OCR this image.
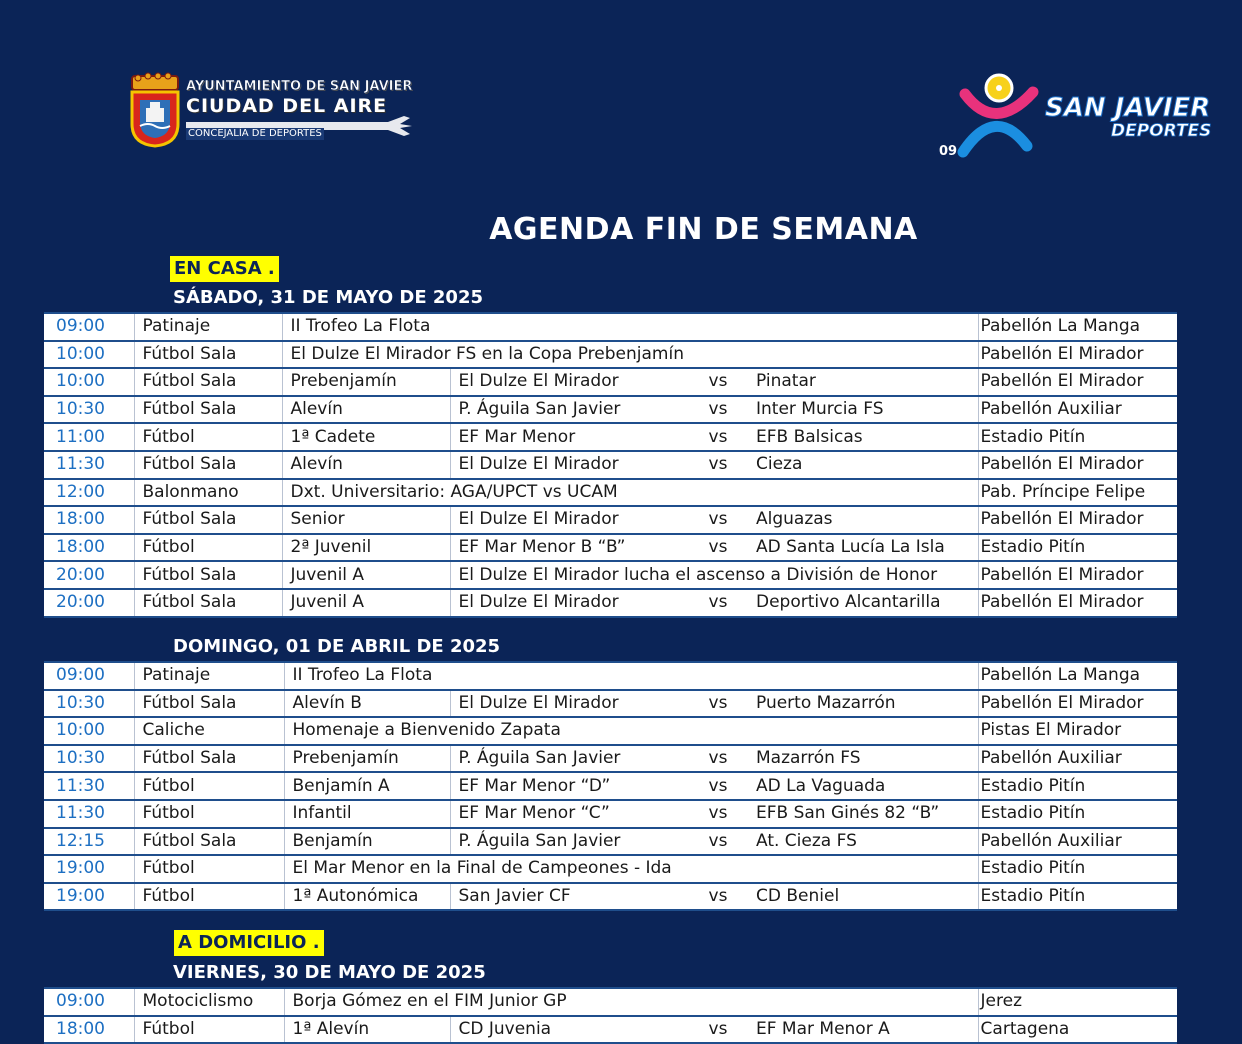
AYUNTAMIENTO DE SAN JAVIER
CIUDAD DEL AIRE
CONCEJALÍA DE DEPORTES
09
SAN JAVIER
DEPORTES
AGENDA FIN DE SEMANA
EN CASA .
SÁBADO, 31 DE MAYO DE 2025
09:00	Patinaje	II Trofeo La Flota				Pabellón La Manga
10:00	Fútbol Sala	El Dulze El Mirador FS en la Copa Prebenjamín				Pabellón El Mirador
10:00	Fútbol Sala	Prebenjamín	El Dulze El Mirador	vs	Pinatar	Pabellón El Mirador
10:30	Fútbol Sala	Alevín	P. Águila San Javier	vs	Inter Murcia FS	Pabellón Auxiliar
11:00	Fútbol	1ª Cadete	EF Mar Menor	vs	EFB Balsicas	Estadio Pitín
11:30	Fútbol Sala	Alevín	El Dulze El Mirador	vs	Cieza	Pabellón El Mirador
12:00	Balonmano	Dxt. Universitario: AGA/UPCT vs UCAM				Pab. Príncipe Felipe
18:00	Fútbol Sala	Senior	El Dulze El Mirador	vs	Alguazas	Pabellón El Mirador
18:00	Fútbol	2ª Juvenil	EF Mar Menor B “B”	vs	AD Santa Lucía La Isla	Estadio Pitín
20:00	Fútbol Sala	Juvenil A	El Dulze El Mirador lucha el ascenso a División de Honor			Pabellón El Mirador
20:00	Fútbol Sala	Juvenil A	El Dulze El Mirador	vs	Deportivo Alcantarilla	Pabellón El Mirador
DOMINGO, 01 DE ABRIL DE 2025
09:00	Patinaje	II Trofeo La Flota				Pabellón La Manga
10:30	Fútbol Sala	Alevín B	El Dulze El Mirador	vs	Puerto Mazarrón	Pabellón El Mirador
10:00	Caliche	Homenaje a Bienvenido Zapata				Pistas El Mirador
10:30	Fútbol Sala	Prebenjamín	P. Águila San Javier	vs	Mazarrón FS	Pabellón Auxiliar
11:30	Fútbol	Benjamín A	EF Mar Menor “D”	vs	AD La Vaguada	Estadio Pitín
11:30	Fútbol	Infantil	EF Mar Menor “C”	vs	EFB San Ginés 82 “B”	Estadio Pitín
12:15	Fútbol Sala	Benjamín	P. Águila San Javier	vs	At. Cieza FS	Pabellón Auxiliar
19:00	Fútbol	El Mar Menor en la Final de Campeones - Ida				Estadio Pitín
19:00	Fútbol	1ª Autonómica	San Javier CF	vs	CD Beniel	Estadio Pitín
A DOMICILIO .
VIERNES, 30 DE MAYO DE 2025
09:00	Motociclismo	Borja Gómez en el FIM Junior GP				Jerez
18:00	Fútbol	1ª Alevín	CD Juvenia	vs	EF Mar Menor A	Cartagena
